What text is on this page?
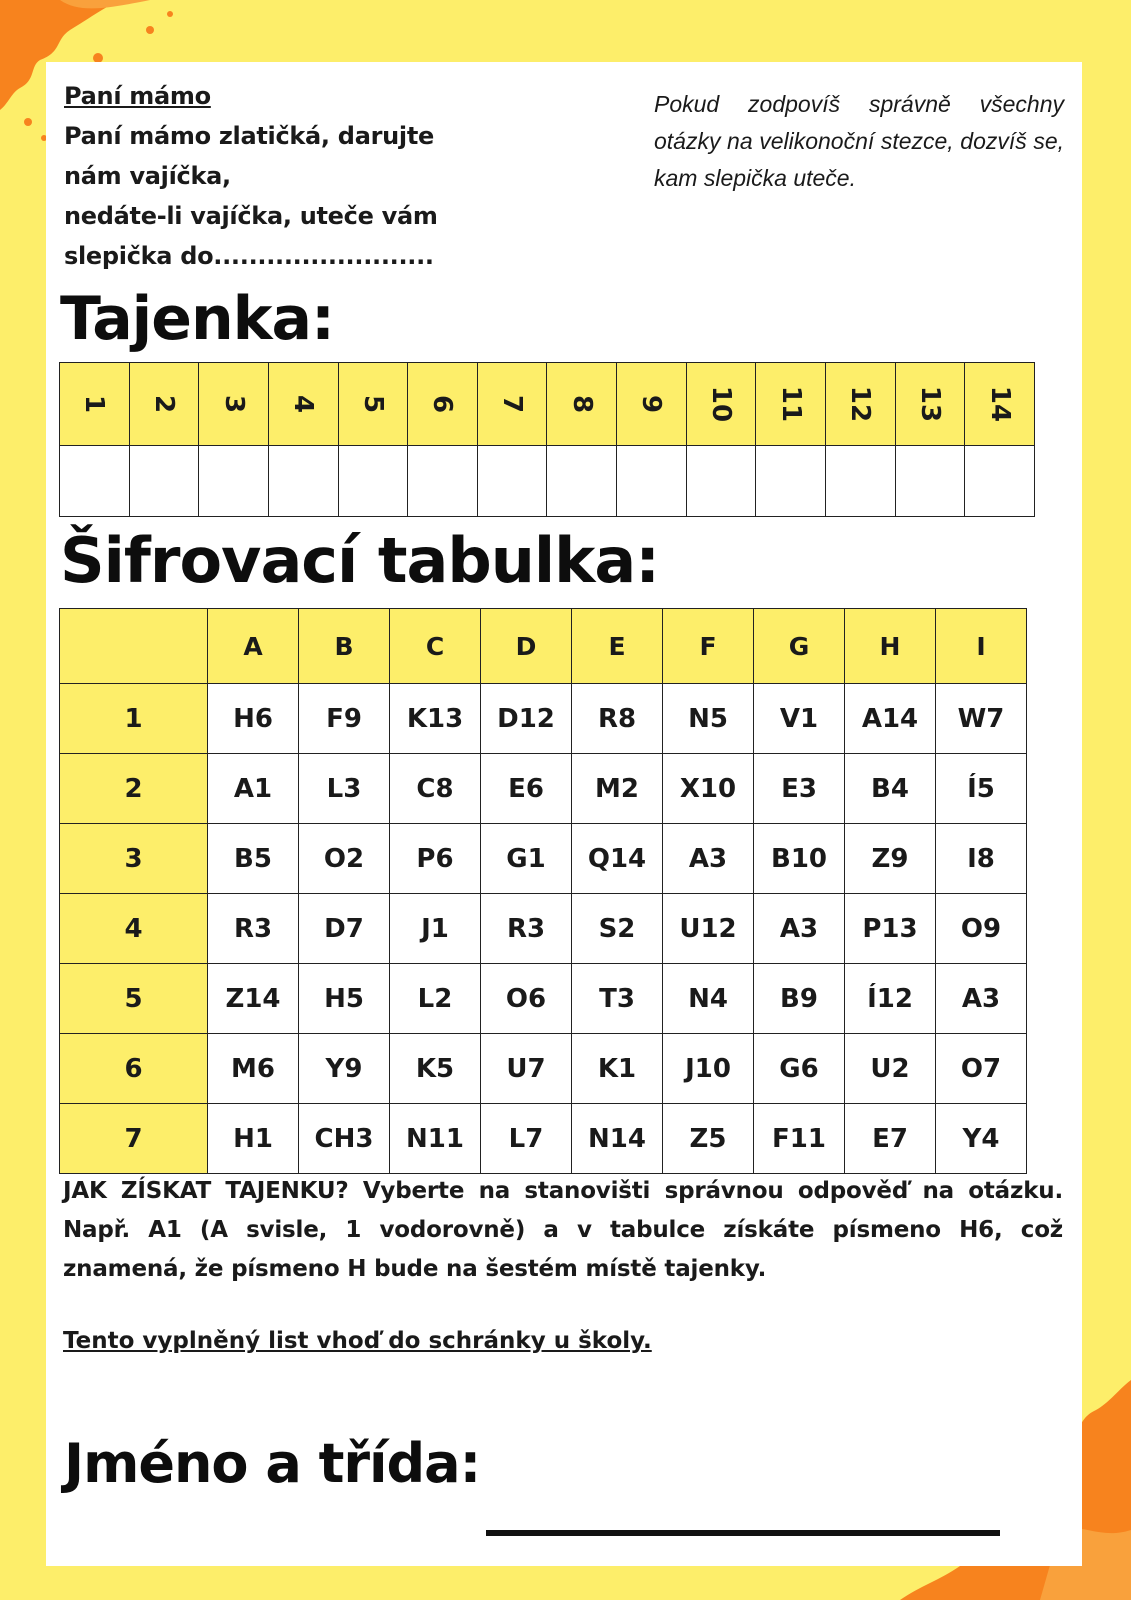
Paní mámo
Paní mámo zlatičká, darujte
nám vajíčka,
nedáte-li vajíčka, uteče vám
slepička do.........................
Pokud zodpovíš správně všechny otázky na velikonoční stezce, dozvíš se, kam slepička uteče.
Tajenka:
1	2	3	4	5	6	7	8	9	10	11	12	13	14

Šifrovací tabulka:
	A	B	C	D	E	F	G	H	I
1	H6	F9	K13	D12	R8	N5	V1	A14	W7
2	A1	L3	C8	E6	M2	X10	E3	B4	Í5
3	B5	O2	P6	G1	Q14	A3	B10	Z9	I8
4	R3	D7	J1	R3	S2	U12	A3	P13	O9
5	Z14	H5	L2	O6	T3	N4	B9	Í12	A3
6	M6	Y9	K5	U7	K1	J10	G6	U2	O7
7	H1	CH3	N11	L7	N14	Z5	F11	E7	Y4
JAK ZÍSKAT TAJENKU? Vyberte na stanovišti správnou odpověď na otázku. Např. A1 (A svisle, 1 vodorovně) a v tabulce získáte písmeno H6, což znamená, že písmeno H bude na šestém místě tajenky.
Tento vyplněný list vhoď do schránky u školy.
Jméno a třída:
